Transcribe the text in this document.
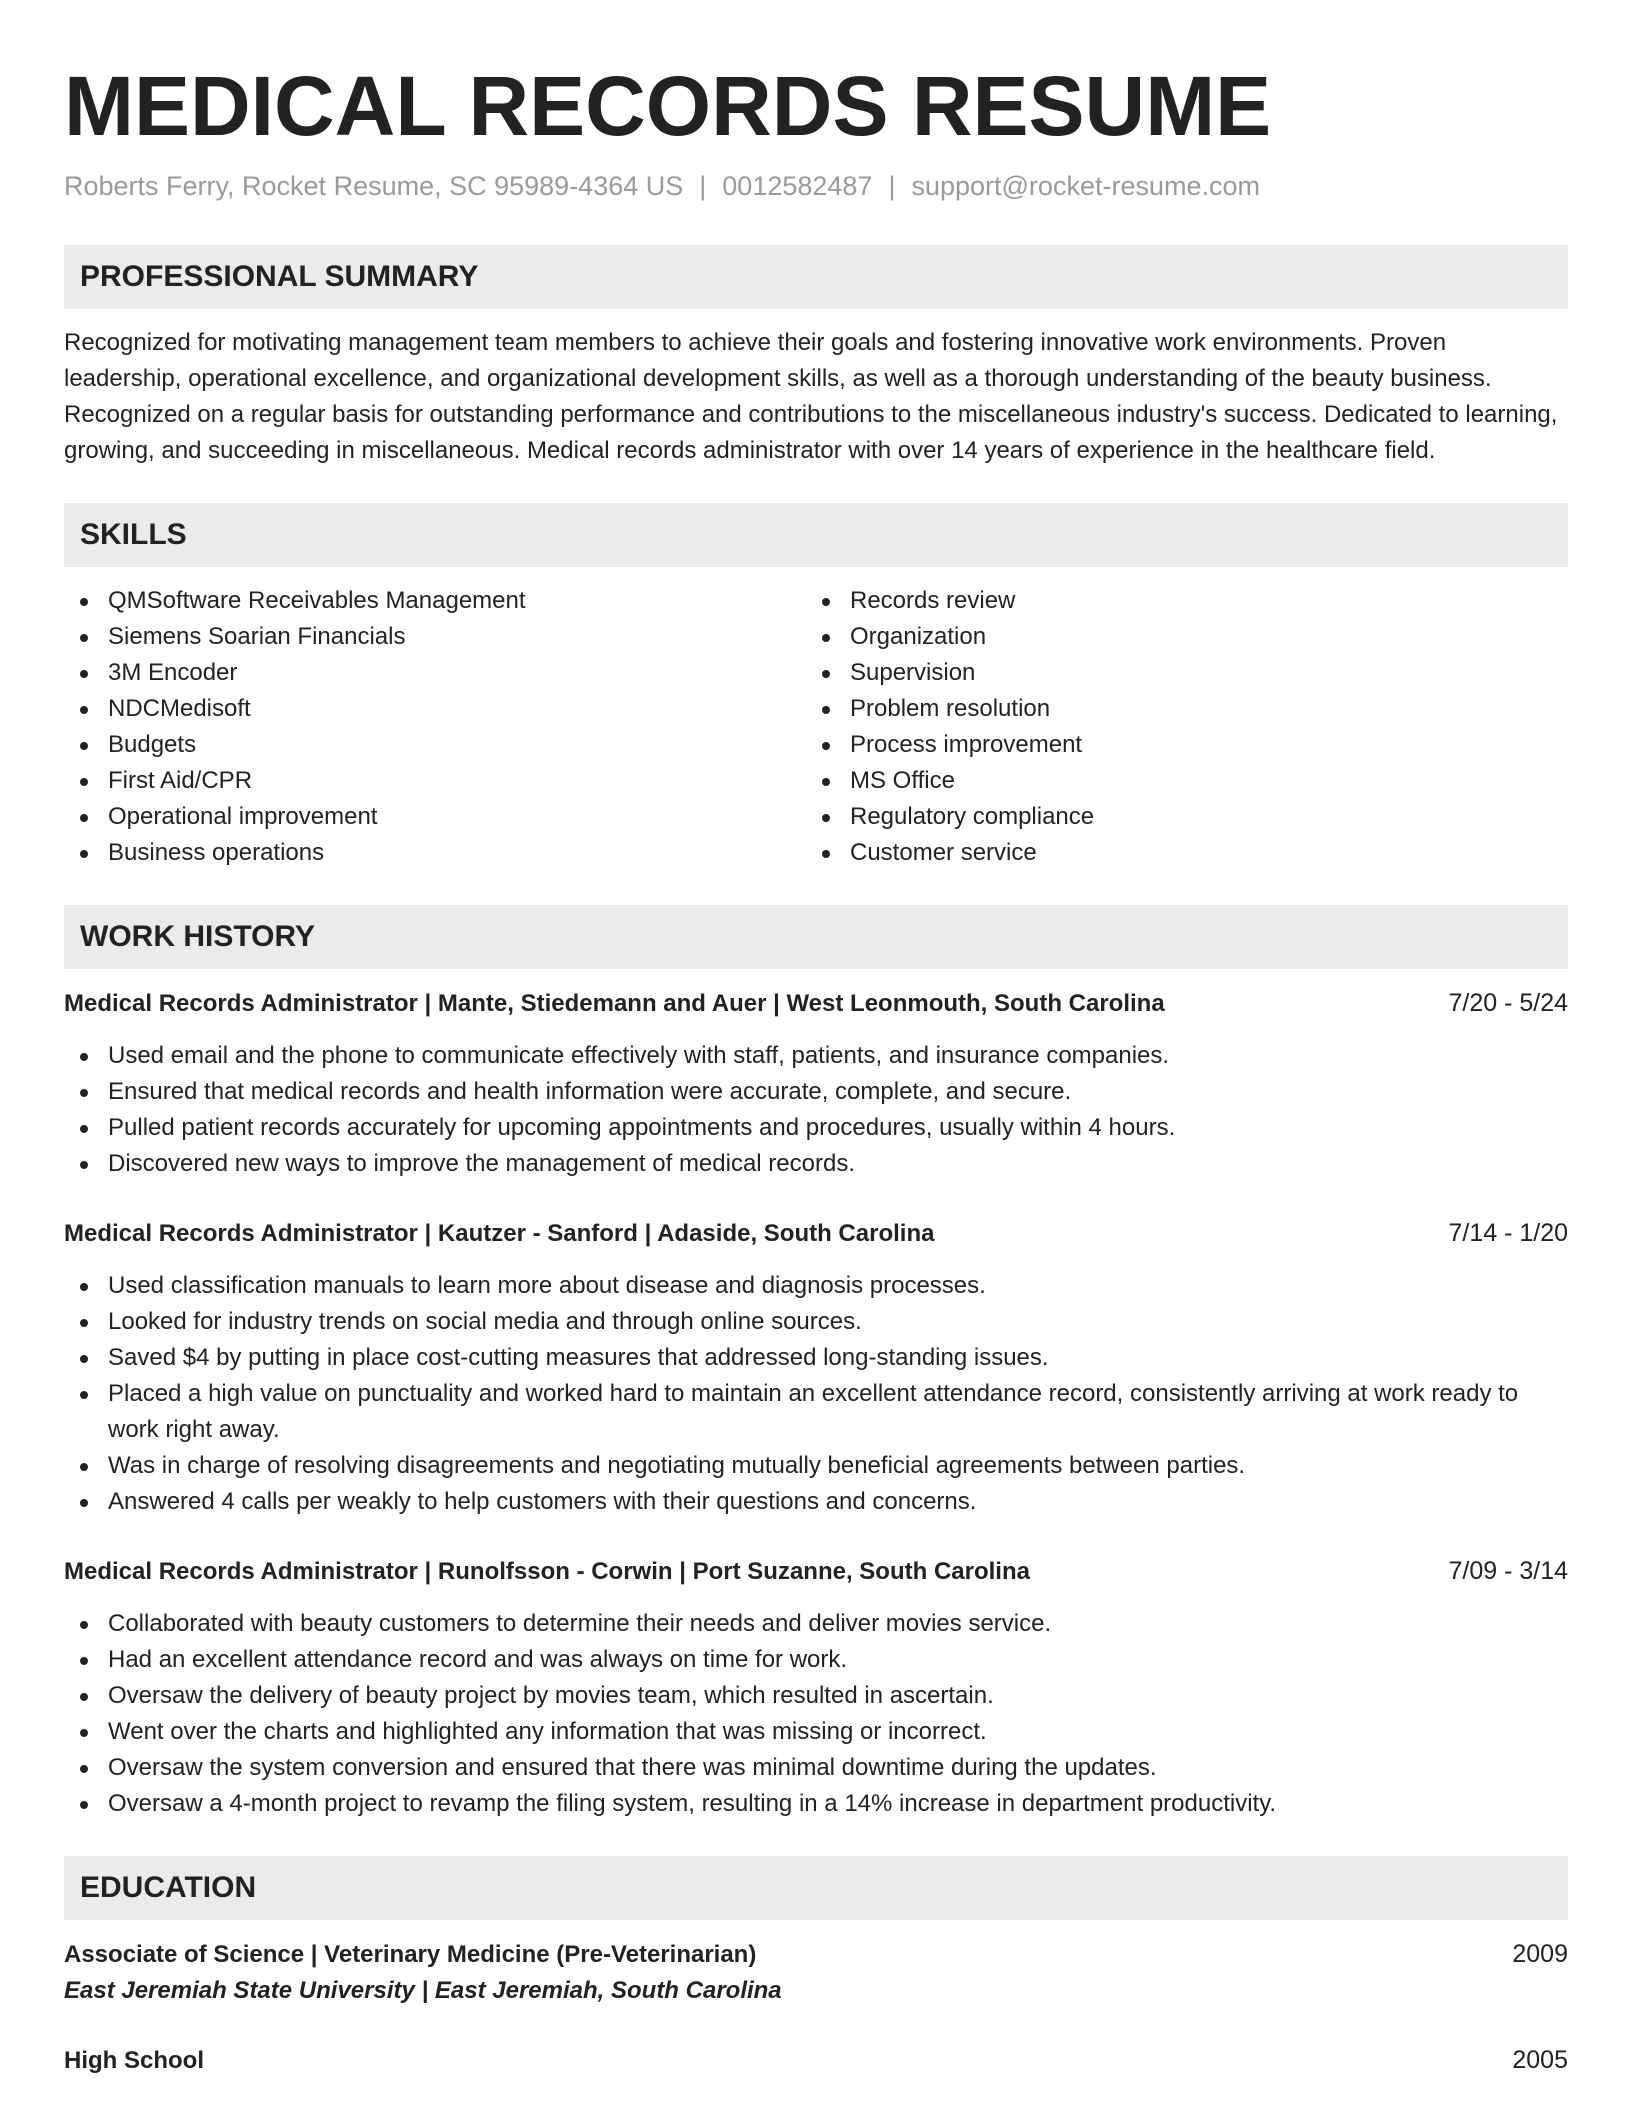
MEDICAL RECORDS RESUME
Roberts Ferry, Rocket Resume, SC 95989-4364 US | 0012582487 | support@rocket-resume.com
PROFESSIONAL SUMMARY

Recognized for motivating management team members to achieve their goals and fostering innovative work environments. Proven leadership, operational excellence, and organizational development skills, as well as a thorough understanding of the beauty business. Recognized on a regular basis for outstanding performance and contributions to the miscellaneous industry's success. Dedicated to learning, growing, and succeeding in miscellaneous. Medical records administrator with over 14 years of experience in the healthcare field.

SKILLS
QMSoftware Receivables Management
Siemens Soarian Financials
3M Encoder
NDCMedisoft
Budgets
First Aid/CPR
Operational improvement
Business operations
Records review
Organization
Supervision
Problem resolution
Process improvement
MS Office
Regulatory compliance
Customer service
WORK HISTORY
Medical Records Administrator | Mante, Stiedemann and Auer | West Leonmouth, South Carolina	7/20 - 5/24
Used email and the phone to communicate effectively with staff, patients, and insurance companies.
Ensured that medical records and health information were accurate, complete, and secure.
Pulled patient records accurately for upcoming appointments and procedures, usually within 4 hours.
Discovered new ways to improve the management of medical records.
Medical Records Administrator | Kautzer - Sanford | Adaside, South Carolina	7/14 - 1/20
Used classification manuals to learn more about disease and diagnosis processes.
Looked for industry trends on social media and through online sources.
Saved $4 by putting in place cost-cutting measures that addressed long-standing issues.
Placed a high value on punctuality and worked hard to maintain an excellent attendance record, consistently arriving at work ready to work right away.
Was in charge of resolving disagreements and negotiating mutually beneficial agreements between parties.
Answered 4 calls per weakly to help customers with their questions and concerns.
Medical Records Administrator | Runolfsson - Corwin | Port Suzanne, South Carolina	7/09 - 3/14
Collaborated with beauty customers to determine their needs and deliver movies service.
Had an excellent attendance record and was always on time for work.
Oversaw the delivery of beauty project by movies team, which resulted in ascertain.
Went over the charts and highlighted any information that was missing or incorrect.
Oversaw the system conversion and ensured that there was minimal downtime during the updates.
Oversaw a 4-month project to revamp the filing system, resulting in a 14% increase in department productivity.
EDUCATION
Associate of Science | Veterinary Medicine (Pre-Veterinarian)	2009
East Jeremiah State University | East Jeremiah, South Carolina
High School	2005
